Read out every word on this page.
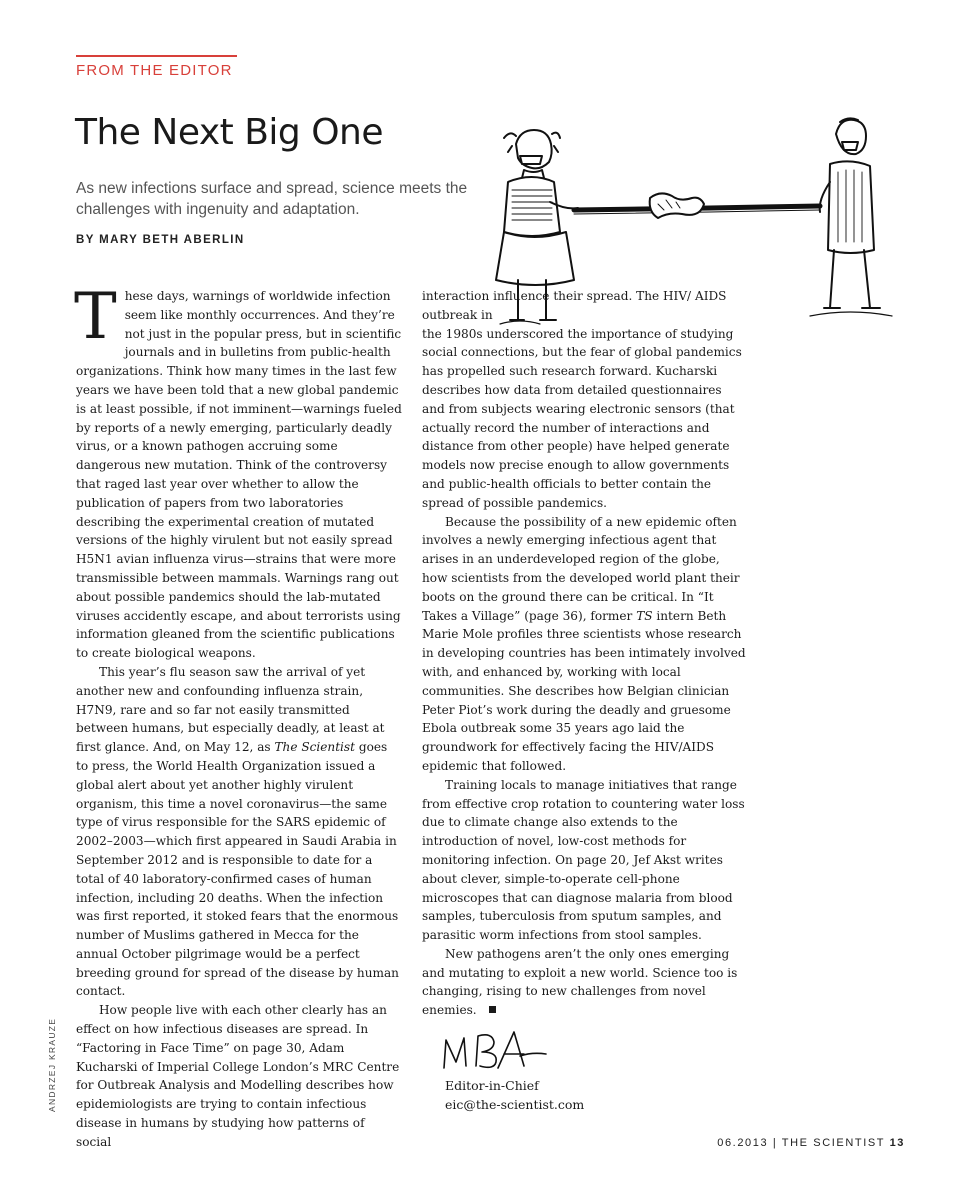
FROM THE EDITOR
The Next Big One

As new infections surface and spread, science meets the challenges with ingenuity and adaptation.

BY MARY BETH ABERLIN

These days, warnings of worldwide infection seem like monthly occurrences. And they’re not just in the popular press, but in scientific journals and in bulletins from public-health organizations. Think how many times in the last few years we have been told that a new global pandemic is at least possible, if not imminent—warnings fueled by reports of a newly emerging, particularly deadly virus, or a known pathogen accruing some dangerous new mutation. Think of the controversy that raged last year over whether to allow the publication of papers from two laboratories describing the experimental creation of mutated versions of the highly virulent but not easily spread H5N1 avian influenza virus—strains that were more transmissible between mammals. Warnings rang out about possible pandemics should the lab-mutated viruses accidently escape, and about terrorists using information gleaned from the scientific publications to create biological weapons.

This year’s flu season saw the arrival of yet another new and confounding influenza strain, H7N9, rare and so far not easily transmitted between humans, but especially deadly, at least at first glance. And, on May 12, as The Scientist goes to press, the World Health Organization issued a global alert about yet another highly virulent organism, this time a novel coronavirus—the same type of virus responsible for the SARS epidemic of 2002–2003—which first appeared in Saudi Arabia in September 2012 and is responsible to date for a total of 40 laboratory-confirmed cases of human infection, including 20 deaths. When the infection was first reported, it stoked fears that the enormous number of Muslims gathered in Mecca for the annual October pilgrimage would be a perfect breeding ground for spread of the disease by human contact.

How people live with each other clearly has an effect on how infectious diseases are spread. In “Factoring in Face Time” on page 30, Adam Kucharski of Imperial College London’s MRC Centre for Outbreak Analysis and Modelling describes how epidemiologists are trying to contain infectious disease in humans by studying how patterns of social

interaction influence their spread. The HIV/ AIDS outbreak in

the 1980s underscored the importance of studying social connections, but the fear of global pandemics has propelled such research forward. Kucharski describes how data from detailed questionnaires and from subjects wearing electronic sensors (that actually record the number of interactions and distance from other people) have helped generate models now precise enough to allow governments and public-health officials to better contain the spread of possible pandemics.

Because the possibility of a new epidemic often involves a newly emerging infectious agent that arises in an underdeveloped region of the globe, how scientists from the developed world plant their boots on the ground there can be critical. In “It Takes a Village” (page 36), former TS intern Beth Marie Mole profiles three scientists whose research in developing countries has been intimately involved with, and enhanced by, working with local communities. She describes how Belgian clinician Peter Piot’s work during the deadly and gruesome Ebola outbreak some 35 years ago laid the groundwork for effectively facing the HIV/AIDS epidemic that followed.

Training locals to manage initiatives that range from effective crop rotation to countering water loss due to climate change also extends to the introduction of novel, low-cost methods for monitoring infection. On page 20, Jef Akst writes about clever, simple-to-operate cell-phone microscopes that can diagnose malaria from blood samples, tuberculosis from sputum samples, and parasitic worm infections from stool samples.

New pathogens aren’t the only ones emerging and mutating to exploit a new world. Science too is changing, rising to new challenges from novel enemies.

Editor-in-Chief
eic@the-scientist.com
ANDRZEJ KRAUZE
06.2013 | THE SCIENTIST 13
